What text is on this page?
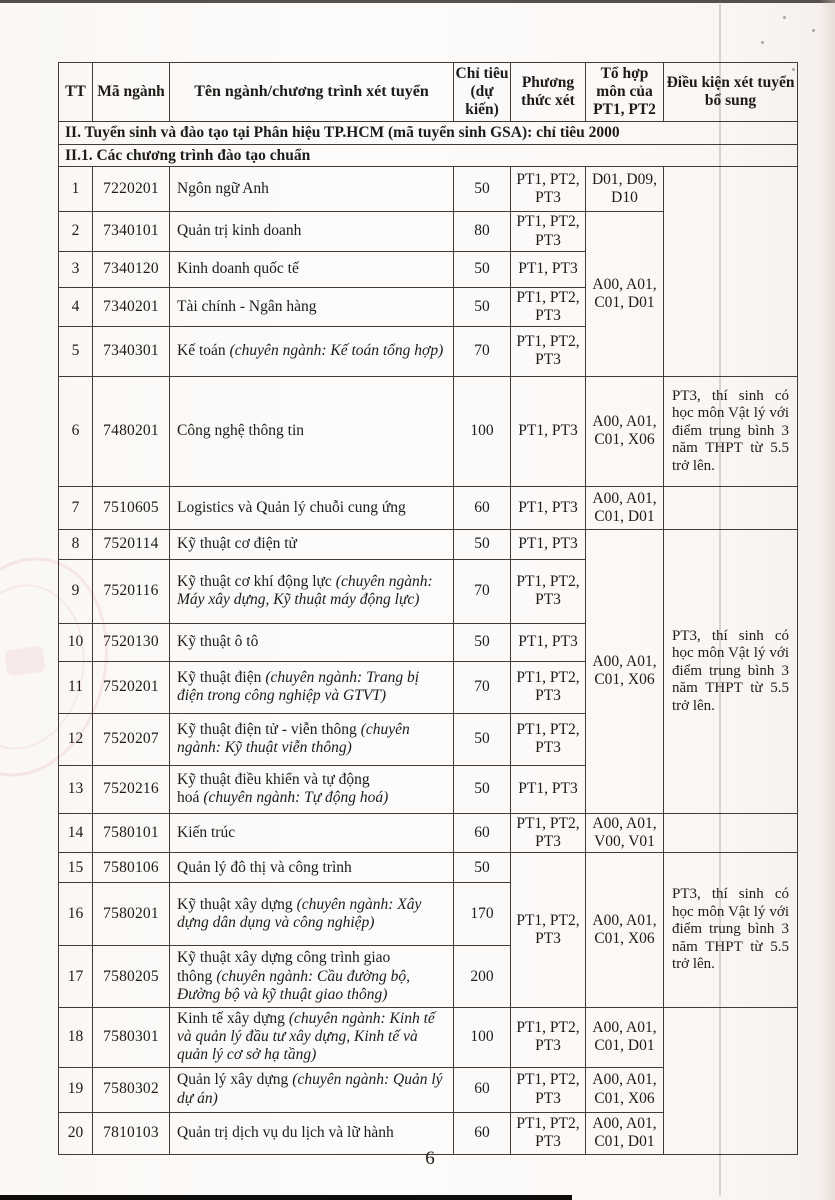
TT	Mã ngành	Tên ngành/chương trình xét tuyển	Chỉ tiêu (dự kiến)	Phương thức xét	Tổ hợp môn của PT1, PT2	Điều kiện xét tuyển bổ sung
II. Tuyển sinh và đào tạo tại Phân hiệu TP.HCM (mã tuyển sinh GSA): chỉ tiêu 2000						
II.1. Các chương trình đào tạo chuẩn						
1	7220201	Ngôn ngữ Anh	50	PT1, PT2, PT3	D01, D09, D10	
2	7340101	Quản trị kinh doanh	80	PT1, PT2, PT3	A00, A01, C01, D01	
3	7340120	Kinh doanh quốc tế	50	PT1, PT3		
4	7340201	Tài chính - Ngân hàng	50	PT1, PT2, PT3		
5	7340301	Kế toán (chuyên ngành: Kế toán tổng hợp)	70	PT1, PT2, PT3		
6	7480201	Công nghệ thông tin	100	PT1, PT3	A00, A01, C01, X06	PT3, thí sinh có học môn Vật lý với điểm trung bình 3 năm THPT từ 5.5 trở lên.
7	7510605	Logistics và Quản lý chuỗi cung ứng	60	PT1, PT3	A00, A01, C01, D01	
8	7520114	Kỹ thuật cơ điện tử	50	PT1, PT3	A00, A01, C01, X06	PT3, thí sinh có học môn Vật lý với điểm trung bình 3 năm THPT từ 5.5 trở lên.
9	7520116	Kỹ thuật cơ khí động lực (chuyên ngành: Máy xây dựng, Kỹ thuật máy động lực)	70	PT1, PT2, PT3		
10	7520130	Kỹ thuật ô tô	50	PT1, PT3		
11	7520201	Kỹ thuật điện (chuyên ngành: Trang bị điện trong công nghiệp và GTVT)	70	PT1, PT2, PT3		
12	7520207	Kỹ thuật điện tử - viễn thông (chuyên ngành: Kỹ thuật viễn thông)	50	PT1, PT2, PT3		
13	7520216	Kỹ thuật điều khiển và tự động hoá (chuyên ngành: Tự động hoá)	50	PT1, PT3		
14	7580101	Kiến trúc	60	PT1, PT2, PT3	A00, A01, V00, V01	
15	7580106	Quản lý đô thị và công trình	50	PT1, PT2, PT3	A00, A01, C01, X06	PT3, thí sinh có học môn Vật lý với điểm trung bình 3 năm THPT từ 5.5 trở lên.
16	7580201	Kỹ thuật xây dựng (chuyên ngành: Xây dựng dân dụng và công nghiệp)	170			
17	7580205	Kỹ thuật xây dựng công trình giao thông (chuyên ngành: Cầu đường bộ, Đường bộ và kỹ thuật giao thông)	200			
18	7580301	Kinh tế xây dựng (chuyên ngành: Kinh tế và quản lý đầu tư xây dựng, Kinh tế và quản lý cơ sở hạ tầng)	100	PT1, PT2, PT3	A00, A01, C01, D01	
19	7580302	Quản lý xây dựng (chuyên ngành: Quản lý dự án)	60	PT1, PT2, PT3	A00, A01, C01, X06	
20	7810103	Quản trị dịch vụ du lịch và lữ hành	60	PT1, PT2, PT3	A00, A01, C01, D01	
6
